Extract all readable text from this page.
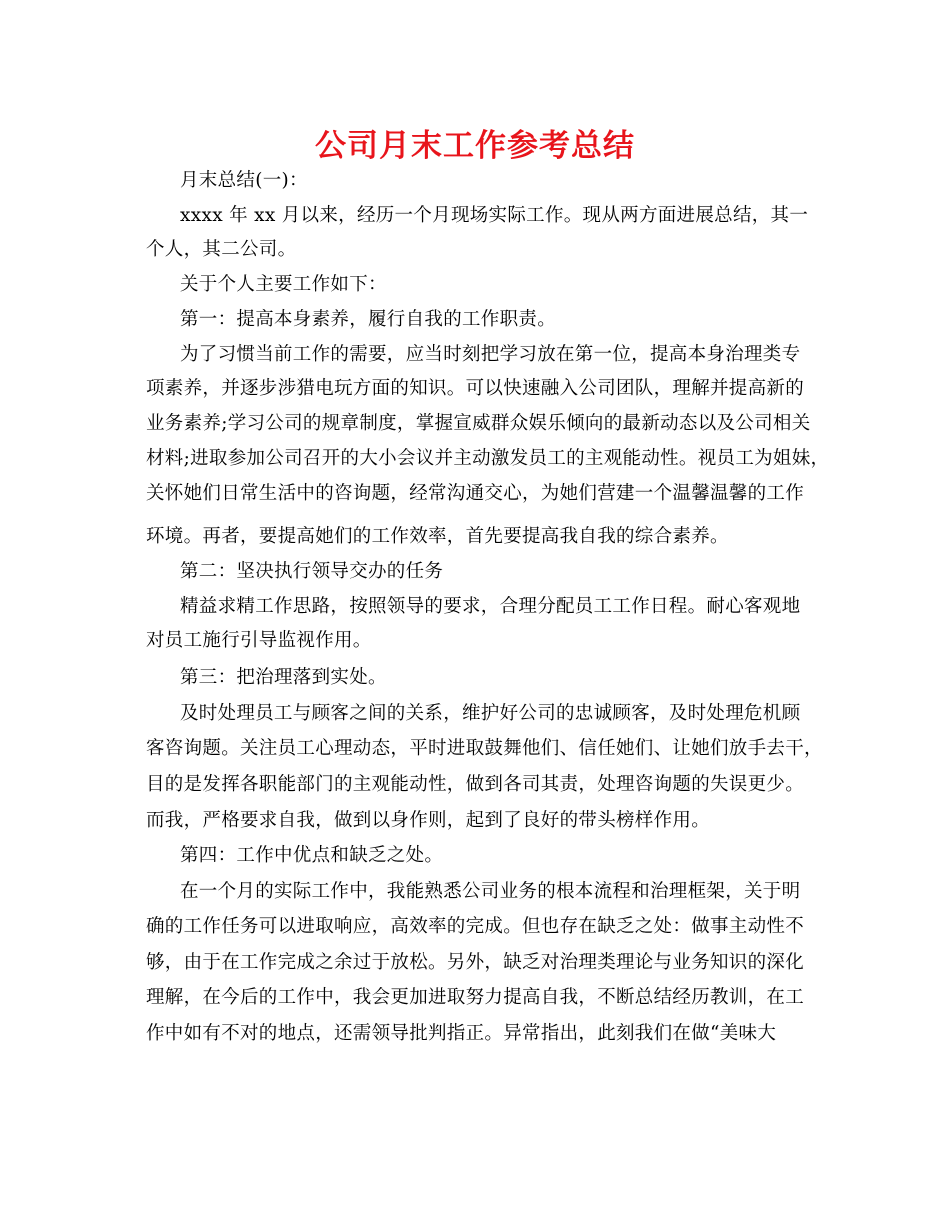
公司月末工作参考总结
月末总结(一)：
xxxx 年 xx 月以来，经历一个月现场实际工作。现从两方面进展总结，其一
个人，其二公司。
关于个人主要工作如下：
第一：提高本身素养，履行自我的工作职责。
为了习惯当前工作的需要，应当时刻把学习放在第一位，提高本身治理类专
项素养，并逐步涉猎电玩方面的知识。可以快速融入公司团队，理解并提高新的
业务素养;学习公司的规章制度，掌握宣威群众娱乐倾向的最新动态以及公司相关
材料;进取参加公司召开的大小会议并主动激发员工的主观能动性。视员工为姐妹，
关怀她们日常生活中的咨询题，经常沟通交心，为她们营建一个温馨温馨的工作
环境。再者，要提高她们的工作效率，首先要提高我自我的综合素养。
第二：坚决执行领导交办的任务
精益求精工作思路，按照领导的要求，合理分配员工工作日程。耐心客观地
对员工施行引导监视作用。
第三：把治理落到实处。
及时处理员工与顾客之间的关系，维护好公司的忠诚顾客，及时处理危机顾
客咨询题。关注员工心理动态，平时进取鼓舞他们、信任她们、让她们放手去干，
目的是发挥各职能部门的主观能动性，做到各司其责，处理咨询题的失误更少。
而我，严格要求自我，做到以身作则，起到了良好的带头榜样作用。
第四：工作中优点和缺乏之处。
在一个月的实际工作中，我能熟悉公司业务的根本流程和治理框架，关于明
确的工作任务可以进取响应，高效率的完成。但也存在缺乏之处：做事主动性不
够，由于在工作完成之余过于放松。另外，缺乏对治理类理论与业务知识的深化
理解，在今后的工作中，我会更加进取努力提高自我，不断总结经历教训，在工
作中如有不对的地点，还需领导批判指正。异常指出，此刻我们在做“美味大
